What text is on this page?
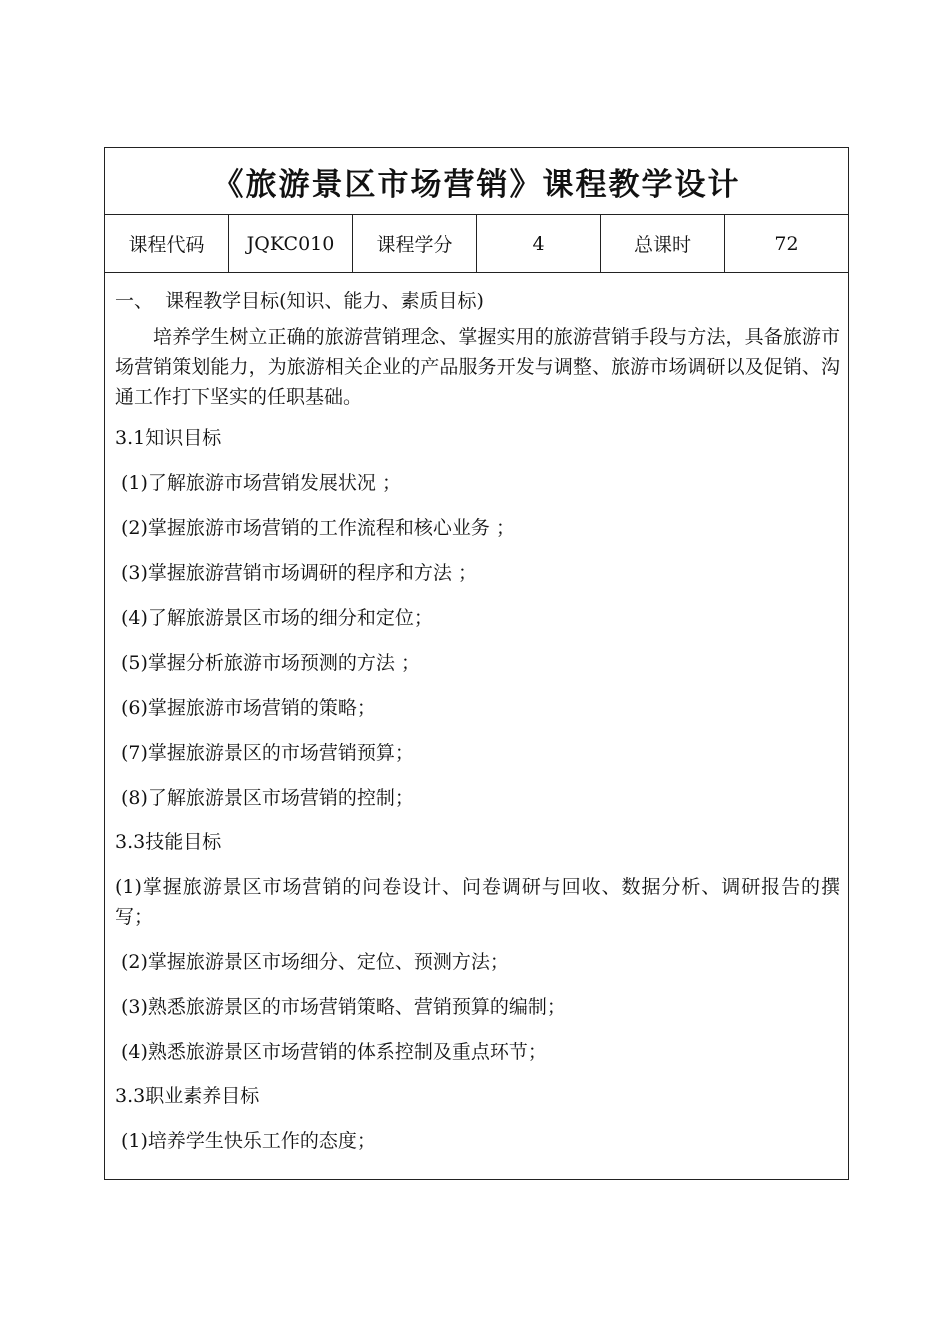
《旅游景区市场营销》课程教学设计
课程代码	JQKC010	课程学分	4	总课时	72

一、  课程教学目标(知识、能力、素质目标)

培养学生树立正确的旅游营销理念、掌握实用的旅游营销手段与方法，具备旅游市场营销策划能力，为旅游相关企业的产品服务开发与调整、旅游市场调研以及促销、沟通工作打下坚实的任职基础。

3.1知识目标

(1)了解旅游市场营销发展状况 ；

(2)掌握旅游市场营销的工作流程和核心业务 ；

(3)掌握旅游营销市场调研的程序和方法 ；

(4)了解旅游景区市场的细分和定位；

(5)掌握分析旅游市场预测的方法 ；

(6)掌握旅游市场营销的策略；

(7)掌握旅游景区的市场营销预算；

(8)了解旅游景区市场营销的控制；

3.3技能目标

(1)掌握旅游景区市场营销的问卷设计、问卷调研与回收、数据分析、调研报告的撰写；

(2)掌握旅游景区市场细分、定位、预测方法；

(3)熟悉旅游景区的市场营销策略、营销预算的编制；

(4)熟悉旅游景区市场营销的体系控制及重点环节；

3.3职业素养目标

(1)培养学生快乐工作的态度；
